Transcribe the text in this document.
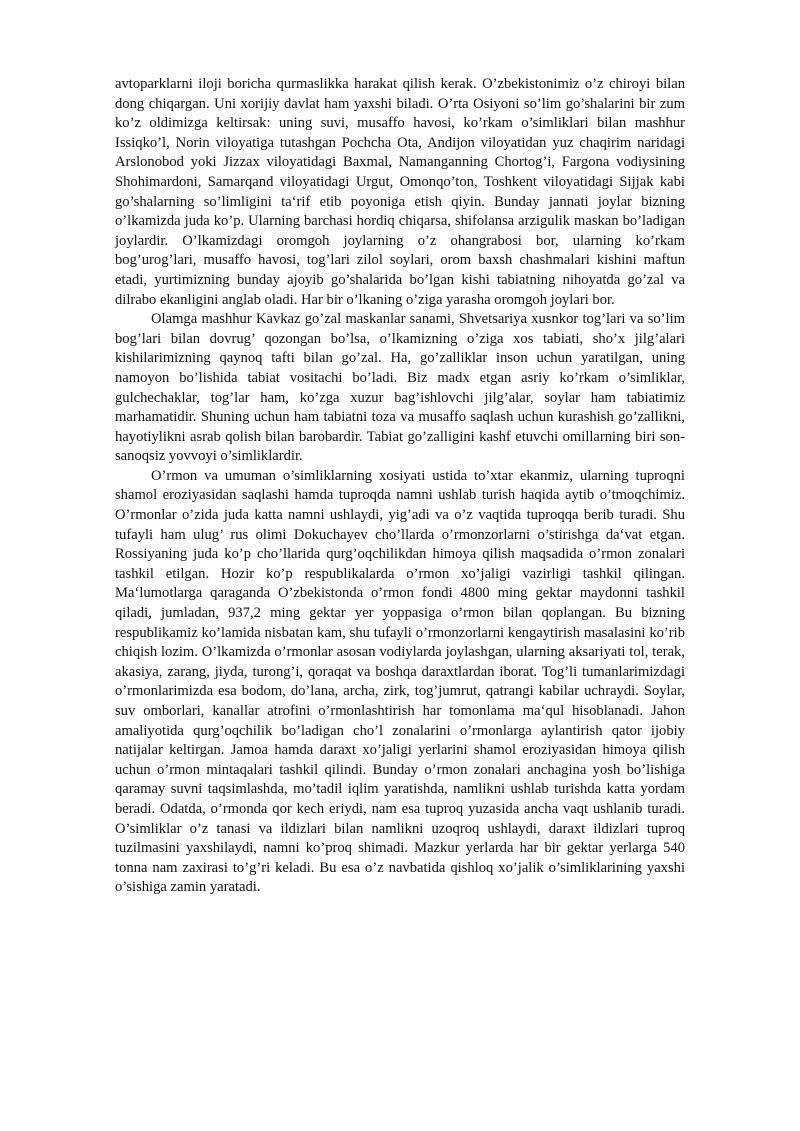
avtoparklarni iloji boricha qurmaslikka harakat qilish kerak. O’zbekistonimiz o’z chiroyi bilan dong chiqargan. Uni xorijiy davlat ham yaxshi biladi. O’rta Osiyoni so’lim go’shalarini bir zum ko’z oldimizga keltirsak: uning suvi, musaffo havosi, ko’rkam o’simliklari bilan mashhur Issiqko’l, Norin viloyatiga tutashgan Pochcha Ota, Andijon viloyatidan yuz chaqirim naridagi Arslonobod yoki Jizzax viloyatidagi Baxmal, Namanganning Chortog’i, Fargona vodiysining Shohimardoni, Samarqand viloyatidagi Urgut, Omonqo’ton, Toshkent viloyatidagi Sijjak kabi go’shalarning so’limligini ta‘rif etib poyoniga etish qiyin. Bunday jannati joylar bizning o’lkamizda juda ko’p. Ularning barchasi hordiq chiqarsa, shifolansa arzigulik maskan bo’ladigan joylardir. O’lkamizdagi oromgoh joylarning o’z ohangrabosi bor, ularning ko’rkam bog’urog’lari, musaffo havosi, tog’lari zilol soylari, orom baxsh chashmalari kishini maftun etadi, yurtimizning bunday ajoyib go’shalarida bo’lgan kishi tabiatning nihoyatda go’zal va dilrabo ekanligini anglab oladi. Har bir o’lkaning o’ziga yarasha oromgoh joylari bor.

Olamga mashhur Kavkaz go’zal maskanlar sanami, Shvetsariya xusnkor tog’lari va so’lim bog’lari bilan dovrug’ qozongan bo’lsa, o’lkamizning o’ziga xos tabiati, sho’x jilg’alari kishilarimizning qaynoq tafti bilan go’zal. Ha, go’zalliklar inson uchun yaratilgan, uning namoyon bo’lishida tabiat vositachi bo’ladi. Biz madx etgan asriy ko’rkam o’simliklar, gulchechaklar, tog’lar ham, ko’zga xuzur bag’ishlovchi jilg’alar, soylar ham tabiatimiz marhamatidir. Shuning uchun ham tabiatni toza va musaffo saqlash uchun kurashish go’zallikni, hayotiylikni asrab qolish bilan barobardir. Tabiat go’zalligini kashf etuvchi omillarning biri son-sanoqsiz yovvoyi o’simliklardir.

O’rmon va umuman o’simliklarning xosiyati ustida to’xtar ekanmiz, ularning tuproqni shamol eroziyasidan saqlashi hamda tuproqda namni ushlab turish haqida aytib o’tmoqchimiz. O’rmonlar o’zida juda katta namni ushlaydi, yig’adi va o’z vaqtida tuproqqa berib turadi. Shu tufayli ham ulug’ rus olimi Dokuchayev cho’llarda o’rmonzorlarni o’stirishga da‘vat etgan. Rossiyaning juda ko’p cho’llarida qurg’oqchilikdan himoya qilish maqsadida o’rmon zonalari tashkil etilgan. Hozir ko’p respublikalarda o’rmon xo’jaligi vazirligi tashkil qilingan. Ma‘lumotlarga qaraganda O’zbekistonda o’rmon fondi 4800 ming gektar maydonni tashkil qiladi, jumladan, 937,2 ming gektar yer yoppasiga o’rmon bilan qoplangan. Bu bizning respublikamiz ko’lamida nisbatan kam, shu tufayli o’rmonzorlarni kengaytirish masalasini ko’rib chiqish lozim. O’lkamizda o’rmonlar asosan vodiylarda joylashgan, ularning aksariyati tol, terak, akasiya, zarang, jiyda, turong’i, qoraqat va boshqa daraxtlardan iborat. Tog’li tumanlarimizdagi o’rmonlarimizda esa bodom, do’lana, archa, zirk, tog’jumrut, qatrangi kabilar uchraydi. Soylar, suv omborlari, kanallar atrofini o’rmonlashtirish har tomonlama ma‘qul hisoblanadi. Jahon amaliyotida qurg’oqchilik bo’ladigan cho’l zonalarini o’rmonlarga aylantirish qator ijobiy natijalar keltirgan. Jamoa hamda daraxt xo’jaligi yerlarini shamol eroziyasidan himoya qilish uchun o’rmon mintaqalari tashkil qilindi. Bunday o’rmon zonalari anchagina yosh bo’lishiga qaramay suvni taqsimlashda, mo’tadil iqlim yaratishda, namlikni ushlab turishda katta yordam beradi. Odatda, o’rmonda qor kech eriydi, nam esa tuproq yuzasida ancha vaqt ushlanib turadi. O’simliklar o’z tanasi va ildizlari bilan namlikni uzoqroq ushlaydi, daraxt ildizlari tuproq tuzilmasini yaxshilaydi, namni ko’proq shimadi. Mazkur yerlarda har bir gektar yerlarga 540 tonna nam zaxirasi to’g’ri keladi. Bu esa o’z navbatida qishloq xo’jalik o’simliklarining yaxshi o’sishiga zamin yaratadi.
